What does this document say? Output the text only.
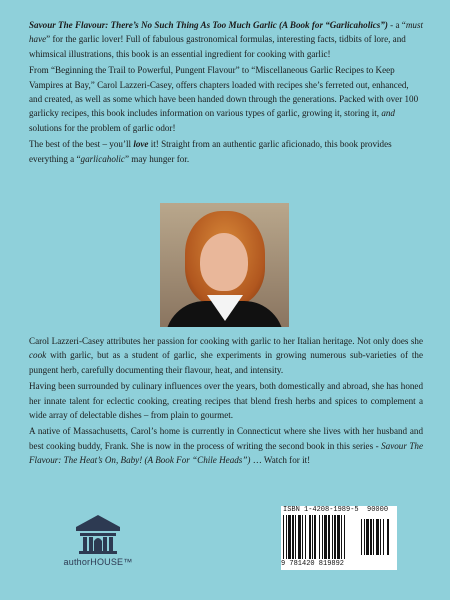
Savour The Flavour: There’s No Such Thing As Too Much Garlic (A Book for “Garlicaholics”) - a “must have” for the garlic lover! Full of fabulous gastronomical formulas, interesting facts, tidbits of lore, and whimsical illustrations, this book is an essential ingredient for cooking with garlic!

From “Beginning the Trail to Powerful, Pungent Flavour” to “Miscellaneous Garlic Recipes to Keep Vampires at Bay,” Carol Lazzeri-Casey, offers chapters loaded with recipes she’s ferreted out, enhanced, and created, as well as some which have been handed down through the generations. Packed with over 100 garlicky recipes, this book includes information on various types of garlic, growing it, storing it, and solutions for the problem of garlic odor!

The best of the best – you’ll love it! Straight from an authentic garlic aficionado, this book provides everything a “garlicaholic” may hunger for.

Carol Lazzeri-Casey attributes her passion for cooking with garlic to her Italian heritage. Not only does she cook with garlic, but as a student of garlic, she experiments in growing numerous sub-varieties of the pungent herb, carefully documenting their flavour, heat, and intensity.

Having been surrounded by culinary influences over the years, both domestically and abroad, she has honed her innate talent for eclectic cooking, creating recipes that blend fresh herbs and spices to complement a wide array of delectable dishes – from plain to gourmet.

A native of Massachusetts, Carol’s home is currently in Connecticut where she lives with her husband and best cooking buddy, Frank. She is now in the process of writing the second book in this series - Savour The Flavour: The Heat’s On, Baby! (A Book For “Chile Heads”) … Watch for it!

authorHOUSE™
ISBN 1-4208-1989-5 90000
9 781420 819892
